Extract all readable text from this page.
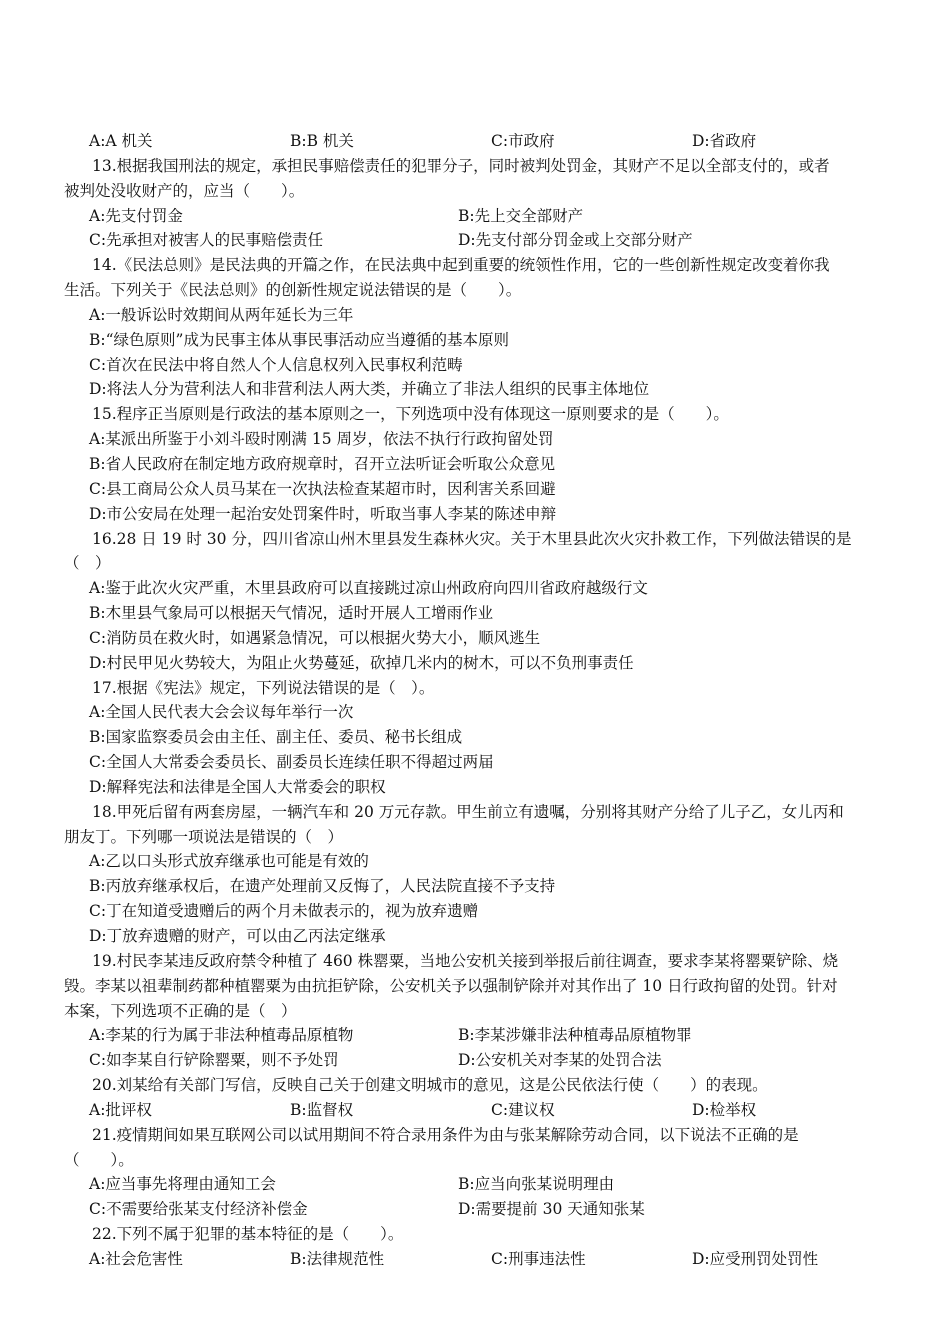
A:A 机关	B:B 机关	C:市政府	D:省政府
13.根据我国刑法的规定，承担民事赔偿责任的犯罪分子，同时被判处罚金，其财产不足以全部支付的，或者
被判处没收财产的，应当（　　）。
A:先支付罚金	B:先上交全部财产
C:先承担对被害人的民事赔偿责任	D:先支付部分罚金或上交部分财产
14.《民法总则》是民法典的开篇之作，在民法典中起到重要的统领性作用，它的一些创新性规定改变着你我
生活。下列关于《民法总则》的创新性规定说法错误的是（　　）。
A:一般诉讼时效期间从两年延长为三年
B:“绿色原则”成为民事主体从事民事活动应当遵循的基本原则
C:首次在民法中将自然人个人信息权列入民事权利范畴
D:将法人分为营利法人和非营利法人两大类，并确立了非法人组织的民事主体地位
15.程序正当原则是行政法的基本原则之一，下列选项中没有体现这一原则要求的是（　　）。
A:某派出所鉴于小刘斗殴时刚满 15 周岁，依法不执行行政拘留处罚
B:省人民政府在制定地方政府规章时，召开立法听证会听取公众意见
C:县工商局公众人员马某在一次执法检查某超市时，因利害关系回避
D:市公安局在处理一起治安处罚案件时，听取当事人李某的陈述申辩
16.28 日 19 时 30 分，四川省凉山州木里县发生森林火灾。关于木里县此次火灾扑救工作，下列做法错误的是
（　）
A:鉴于此次火灾严重，木里县政府可以直接跳过凉山州政府向四川省政府越级行文
B:木里县气象局可以根据天气情况，适时开展人工增雨作业
C:消防员在救火时，如遇紧急情况，可以根据火势大小，顺风逃生
D:村民甲见火势较大，为阻止火势蔓延，砍掉几米内的树木，可以不负刑事责任
17.根据《宪法》规定，下列说法错误的是（　）。
A:全国人民代表大会会议每年举行一次
B:国家监察委员会由主任、副主任、委员、秘书长组成
C:全国人大常委会委员长、副委员长连续任职不得超过两届
D:解释宪法和法律是全国人大常委会的职权
18.甲死后留有两套房屋，一辆汽车和 20 万元存款。甲生前立有遗嘱，分别将其财产分给了儿子乙，女儿丙和
朋友丁。下列哪一项说法是错误的（　）
A:乙以口头形式放弃继承也可能是有效的
B:丙放弃继承权后，在遗产处理前又反悔了，人民法院直接不予支持
C:丁在知道受遗赠后的两个月未做表示的，视为放弃遗赠
D:丁放弃遗赠的财产，可以由乙丙法定继承
19.村民李某违反政府禁令种植了 460 株罂粟，当地公安机关接到举报后前往调查，要求李某将罂粟铲除、烧
毁。李某以祖辈制药都种植罂粟为由抗拒铲除，公安机关予以强制铲除并对其作出了 10 日行政拘留的处罚。针对
本案，下列选项不正确的是（　）
A:李某的行为属于非法种植毒品原植物	B:李某涉嫌非法种植毒品原植物罪
C:如李某自行铲除罂粟，则不予处罚	D:公安机关对李某的处罚合法
20.刘某给有关部门写信，反映自己关于创建文明城市的意见，这是公民依法行使（　　）的表现。
A:批评权	B:监督权	C:建议权	D:检举权
21.疫情期间如果互联网公司以试用期间不符合录用条件为由与张某解除劳动合同，以下说法不正确的是
（　　）。
A:应当事先将理由通知工会	B:应当向张某说明理由
C:不需要给张某支付经济补偿金	D:需要提前 30 天通知张某
22.下列不属于犯罪的基本特征的是（　　）。
A:社会危害性	B:法律规范性	C:刑事违法性	D:应受刑罚处罚性
